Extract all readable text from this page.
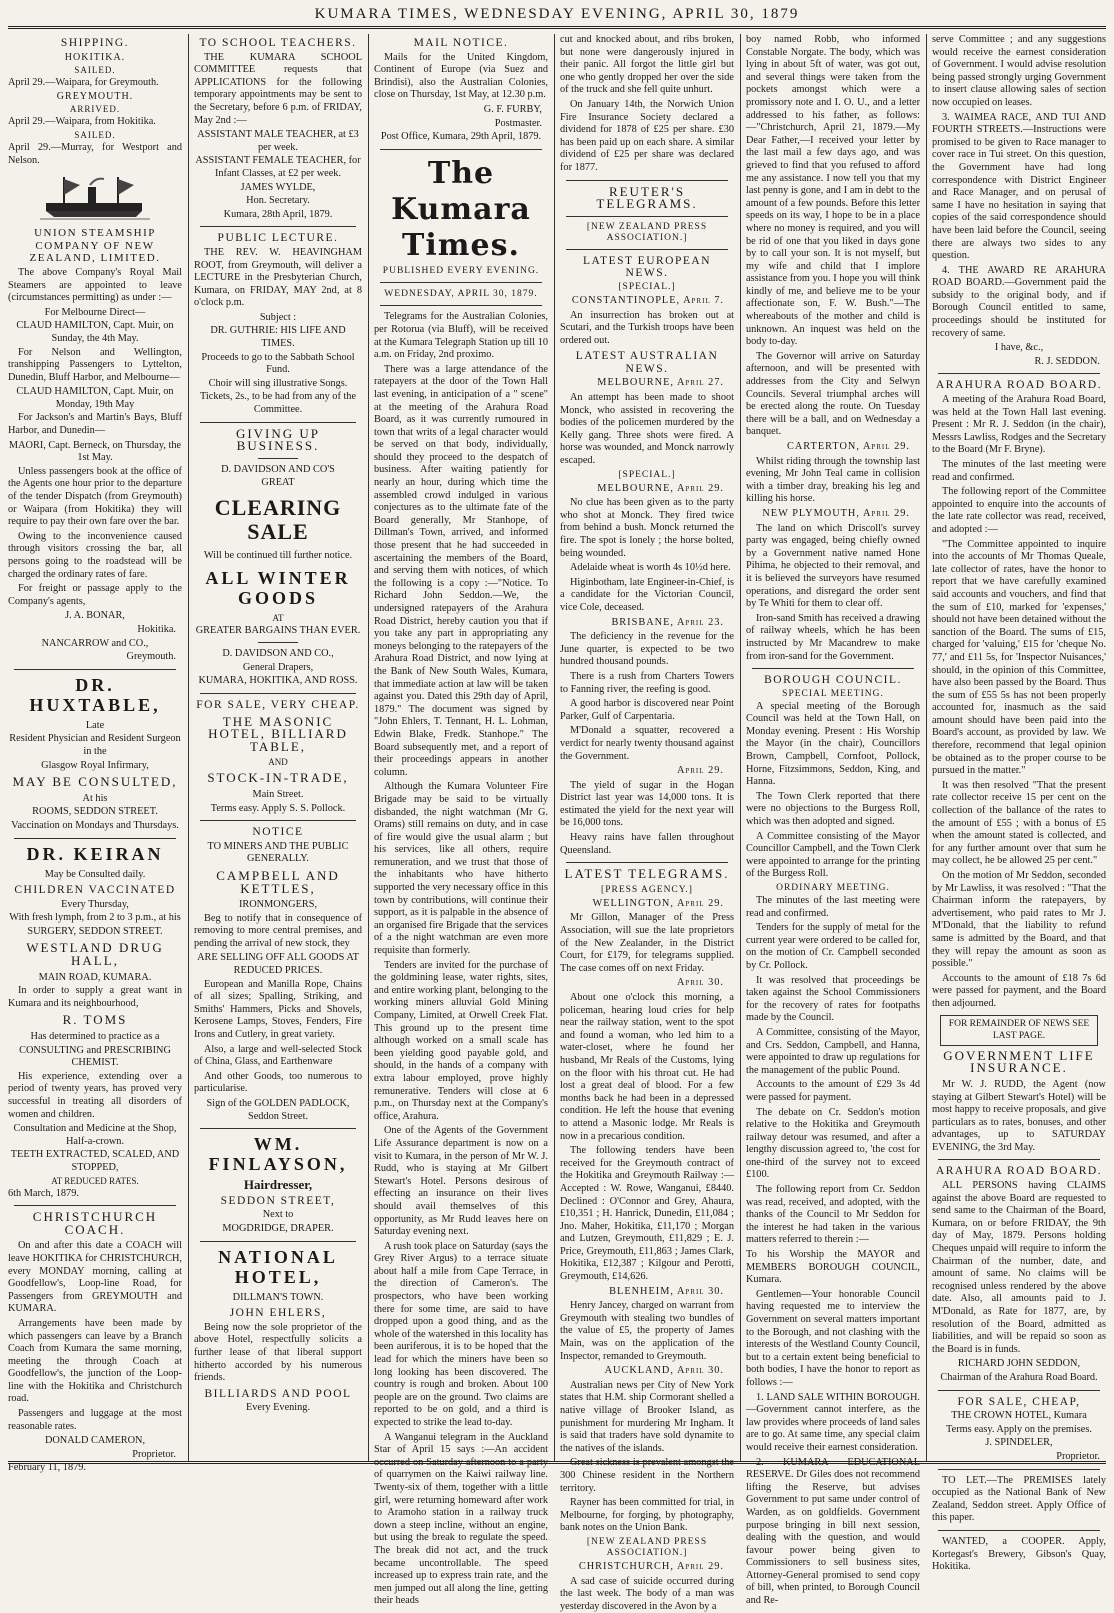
KUMARA TIMES, WEDNESDAY EVENING, APRIL 30, 1879
SHIPPING.
HOKITIKA.
SAILED.
April 29.—Waipara, for Greymouth.
GREYMOUTH.
ARRIVED.
April 29.—Waipara, from Hokitika.
SAILED.
April 29.—Murray, for Westport and Nelson.
UNION STEAMSHIP COMPANY OF NEW ZEALAND, LIMITED.

The above Company's Royal Mail Steamers are appointed to leave (circumstances permitting) as under :—

For Melbourne Direct—
CLAUD HAMILTON, Capt. Muir, on Sunday, the 4th May.

For Nelson and Wellington, transhipping Passengers to Lyttelton, Dunedin, Bluff Harbor, and Melbourne—

CLAUD HAMILTON, Capt. Muir, on Monday, 19th May

For Jackson's and Martin's Bays, Bluff Harbor, and Dunedin—

MAORI, Capt. Berneck, on Thursday, the 1st May.

Unless passengers book at the office of the Agents one hour prior to the departure of the tender Dispatch (from Greymouth) or Waipara (from Hokitika) they will require to pay their own fare over the bar.

Owing to the inconvenience caused through visitors crossing the bar, all persons going to the roadstead will be charged the ordinary rates of fare.

For freight or passage apply to the Company's agents,

J. A. BONAR,
Hokitika.
NANCARROW and CO.,
Greymouth.
DR. HUXTABLE,
Late
Resident Physician and Resident Surgeon in the
Glasgow Royal Infirmary,
MAY BE CONSULTED,
At his
ROOMS, SEDDON STREET.
Vaccination on Mondays and Thursdays.
DR. KEIRAN
May be Consulted daily.
CHILDREN VACCINATED
Every Thursday,
With fresh lymph, from 2 to 3 p.m., at his
SURGERY, SEDDON STREET.
WESTLAND DRUG HALL,
MAIN ROAD, KUMARA.

In order to supply a great want in Kumara and its neighbourhood,

R. TOMS
Has determined to practice as a
CONSULTING and PRESCRIBING CHEMIST.

His experience, extending over a period of twenty years, has proved very successful in treating all disorders of women and children.

Consultation and Medicine at the Shop, Half-a-crown.
TEETH EXTRACTED, SCALED, AND STOPPED,
AT REDUCED RATES.
6th March, 1879.
CHRISTCHURCH COACH.

On and after this date a COACH will leave HOKITIKA for CHRISTCHURCH, every MONDAY morning, calling at Goodfellow's, Loop-line Road, for Passengers from GREYMOUTH and KUMARA.

Arrangements have been made by which passengers can leave by a Branch Coach from Kumara the same morning, meeting the through Coach at Goodfellow's, the junction of the Loop-line with the Hokitika and Christchurch road.

Passengers and luggage at the most reasonable rates.

DONALD CAMERON,
Proprietor.
February 11, 1879.
TO SCHOOL TEACHERS.

THE KUMARA SCHOOL COMMITTEE requests that APPLICATIONS for the following temporary appointments may be sent to the Secretary, before 6 p.m. of FRIDAY, May 2nd :—

ASSISTANT MALE TEACHER, at £3 per week.
ASSISTANT FEMALE TEACHER, for Infant Classes, at £2 per week.
JAMES WYLDE,
Hon. Secretary.
Kumara, 28th April, 1879.
PUBLIC LECTURE.

THE REV. W. HEAVINGHAM ROOT, from Greymouth, will deliver a LECTURE in the Presbyterian Church, Kumara, on FRIDAY, MAY 2nd, at 8 o'clock p.m.

Subject :
DR. GUTHRIE: HIS LIFE AND TIMES.
Proceeds to go to the Sabbath School Fund.
Choir will sing illustrative Songs.
Tickets, 2s., to be had from any of the Committee.
GIVING UP BUSINESS.
D. DAVIDSON AND CO'S
GREAT
CLEARING SALE
Will be continued till further notice.
ALL WINTER GOODS
AT
GREATER BARGAINS THAN EVER.
D. DAVIDSON AND CO.,
General Drapers,
KUMARA, HOKITIKA, AND ROSS.
FOR SALE, VERY CHEAP.
THE MASONIC HOTEL, BILLIARD TABLE,
AND
STOCK-IN-TRADE,
Main Street.
Terms easy. Apply S. S. Pollock.
NOTICE
TO MINERS AND THE PUBLIC GENERALLY.
CAMPBELL AND KETTLES,
IRONMONGERS,

Beg to notify that in consequence of removing to more central premises, and pending the arrival of new stock, they

ARE SELLING OFF ALL GOODS AT REDUCED PRICES.

European and Manilla Rope, Chains of all sizes; Spalling, Striking, and Smiths' Hammers, Picks and Shovels, Kerosene Lamps, Stoves, Fenders, Fire Irons and Cutlery, in great variety.

Also, a large and well-selected Stock of China, Glass, and Earthenware

And other Goods, too numerous to particularise.

Sign of the GOLDEN PADLOCK, Seddon Street.
WM. FINLAYSON,
Hairdresser,
SEDDON STREET,
Next to
MOGDRIDGE, DRAPER.
NATIONAL HOTEL,
DILLMAN'S TOWN.
JOHN EHLERS,

Being now the sole proprietor of the above Hotel, respectfully solicits a further lease of that liberal support hitherto accorded by his numerous friends.

BILLIARDS AND POOL
Every Evening.
MAIL NOTICE.

Mails for the United Kingdom, Continent of Europe (via Suez and Brindisi), also the Australian Colonies, close on Thursday, 1st May, at 12.30 p.m.

G. F. FURBY,
Postmaster.
Post Office, Kumara, 29th April, 1879.
The Kumara Times.
PUBLISHED EVERY EVENING.
WEDNESDAY, APRIL 30, 1879.

Telegrams for the Australian Colonies, per Rotorua (via Bluff), will be received at the Kumara Telegraph Station up till 10 a.m. on Friday, 2nd proximo.

There was a large attendance of the ratepayers at the door of the Town Hall last evening, in anticipation of a " scene" at the meeting of the Arahura Road Board, as it was currently rumoured in town that writs of a legal character would be served on that body, individually, should they proceed to the despatch of business. After waiting patiently for nearly an hour, during which time the assembled crowd indulged in various conjectures as to the ultimate fate of the Board generally, Mr Stanhope, of Dillman's Town, arrived, and informed those present that he had succeeded in ascertaining the members of the Board, and serving them with notices, of which the following is a copy :—"Notice. To Richard John Seddon.—We, the undersigned ratepayers of the Arahura Road District, hereby caution you that if you take any part in appropriating any moneys belonging to the ratepayers of the Arahura Road District, and now lying at the Bank of New South Wales, Kumara, that immediate action at law will be taken against you. Dated this 29th day of April, 1879." The document was signed by "John Ehlers, T. Tennant, H. L. Lohman, Edwin Blake, Fredk. Stanhope." The Board subsequently met, and a report of their proceedings appears in another column.

Although the Kumara Volunteer Fire Brigade may be said to be virtually disbanded, the night watchman (Mr G. Orams) still remains on duty, and in case of fire would give the usual alarm ; but his services, like all others, require remuneration, and we trust that those of the inhabitants who have hitherto supported the very necessary office in this town by contributions, will continue their support, as it is palpable in the absence of an organised fire Brigade that the services of a the night watchman are even more requisite than formerly.

Tenders are invited for the purchase of the goldmining lease, water rights, sites, and entire working plant, belonging to the working miners alluvial Gold Mining Company, Limited, at Orwell Creek Flat. This ground up to the present time although worked on a small scale has been yielding good payable gold, and should, in the hands of a company with extra labour employed, prove highly remunerative. Tenders will close at 6 p.m., on Thursday next at the Company's office, Arahura.

One of the Agents of the Government Life Assurance department is now on a visit to Kumara, in the person of Mr W. J. Rudd, who is staying at Mr Gilbert Stewart's Hotel. Persons desirous of effecting an insurance on their lives should avail themselves of this opportunity, as Mr Rudd leaves here on Saturday evening next.

A rush took place on Saturday (says the Grey River Argus) to a terrace situate about half a mile from Cape Terrace, in the direction of Cameron's. The prospectors, who have been working there for some time, are said to have dropped upon a good thing, and as the whole of the watershed in this locality has been auriferous, it is to be hoped that the lead for which the miners have been so long looking has been discovered. The country is rough and broken. About 100 people are on the ground. Two claims are reported to be on gold, and a third is expected to strike the lead to-day.

A Wanganui telegram in the Auckland Star of April 15 says :—An accident occurred on Saturday afternoon to a party of quarrymen on the Kaiwi railway line. Twenty-six of them, together with a little girl, were returning homeward after work to Aramoho station in a railway truck down a steep incline, without an engine, but using the break to regulate the speed. The break did not act, and the truck became uncontrollable. The speed increased up to express train rate, and the men jumped out all along the line, getting their heads

cut and knocked about, and ribs broken, but none were dangerously injured in their panic. All forgot the little girl but one who gently dropped her over the side of the truck and she fell quite unhurt.

On January 14th, the Norwich Union Fire Insurance Society declared a dividend for 1878 of £25 per share. £30 has been paid up on each share. A similar dividend of £25 per share was declared for 1877.

REUTER'S TELEGRAMS.
[NEW ZEALAND PRESS ASSOCIATION.]
LATEST EUROPEAN NEWS.
[SPECIAL.]
CONSTANTINOPLE, April 7.

An insurrection has broken out at Scutari, and the Turkish troops have been ordered out.

LATEST AUSTRALIAN NEWS.
MELBOURNE, April 27.

An attempt has been made to shoot Monck, who assisted in recovering the bodies of the policemen murdered by the Kelly gang. Three shots were fired. A horse was wounded, and Monck narrowly escaped.

[SPECIAL.]
MELBOURNE, April 29.

No clue has been given as to the party who shot at Monck. They fired twice from behind a bush. Monck returned the fire. The spot is lonely ; the horse bolted, being wounded.

Adelaide wheat is worth 4s 10½d here.

Higinbotham, late Engineer-in-Chief, is a candidate for the Victorian Council, vice Cole, deceased.

BRISBANE, April 23.

The deficiency in the revenue for the June quarter, is expected to be two hundred thousand pounds.

There is a rush from Charters Towers to Fanning river, the reefing is good.

A good harbor is discovered near Point Parker, Gulf of Carpentaria.

M'Donald a squatter, recovered a verdict for nearly twenty thousand against the Government.

April 29.

The yield of sugar in the Hogan District last year was 14,000 tons. It is estimated the yield for the next year will be 16,000 tons.

Heavy rains have fallen throughout Queensland.

LATEST TELEGRAMS.
[PRESS AGENCY.]
WELLINGTON, April 29.

Mr Gillon, Manager of the Press Association, will sue the late proprietors of the New Zealander, in the District Court, for £179, for telegrams supplied. The case comes off on next Friday.

April 30.

About one o'clock this morning, a policeman, hearing loud cries for help near the railway station, went to the spot and found a woman, who led him to a water-closet, where he found her husband, Mr Reals of the Customs, lying on the floor with his throat cut. He had lost a great deal of blood. For a few months back he had been in a depressed condition. He left the house that evening to attend a Masonic lodge. Mr Reals is now in a precarious condition.

The following tenders have been received for the Greymouth contract of the Hokitika and Greymouth Railway :—Accepted : W. Rowe, Wanganui, £8440. Declined : O'Connor and Grey, Ahaura, £10,351 ; H. Hanrick, Dunedin, £11,084 ; Jno. Maher, Hokitika, £11,170 ; Morgan and Lutzen, Greymouth, £11,829 ; E. J. Price, Greymouth, £11,863 ; James Clark, Hokitika, £12,387 ; Kilgour and Perotti, Greymouth, £14,626.

BLENHEIM, April 30.

Henry Jancey, charged on warrant from Greymouth with stealing two bundles of the value of £5, the property of James Main, was on the application of the Inspector, remanded to Greymouth.

AUCKLAND, April 30.

Australian news per City of New York states that H.M. ship Cormorant shelled a native village of Brooker Island, as punishment for murdering Mr Ingham. It is said that traders have sold dynamite to the natives of the islands.

Great sickness is prevalent amongst the 300 Chinese resident in the Northern territory.

Rayner has been committed for trial, in Melbourne, for forging, by photography, bank notes on the Union Bank.

[NEW ZEALAND PRESS ASSOCIATION.]
CHRISTCHURCH, April 29.

A sad case of suicide occurred during the last week. The body of a man was yesterday discovered in the Avon by a

boy named Robb, who informed Constable Norgate. The body, which was lying in about 5ft of water, was got out, and several things were taken from the pockets amongst which were a promissory note and I. O. U., and a letter addressed to his father, as follows:—"Christchurch, April 21, 1879.—My Dear Father,—I received your letter by the last mail a few days ago, and was grieved to find that you refused to afford me any assistance. I now tell you that my last penny is gone, and I am in debt to the amount of a few pounds. Before this letter speeds on its way, I hope to be in a place where no money is required, and you will be rid of one that you liked in days gone by to call your son. It is not myself, but my wife and child that I implore assistance from you. I hope you will think kindly of me, and believe me to be your affectionate son, F. W. Bush."—The whereabouts of the mother and child is unknown. An inquest was held on the body to-day.

The Governor will arrive on Saturday afternoon, and will be presented with addresses from the City and Selwyn Councils. Several triumphal arches will be erected along the route. On Tuesday there will be a ball, and on Wednesday a banquet.

CARTERTON, April 29.

Whilst riding through the township last evening, Mr John Teal came in collision with a timber dray, breaking his leg and killing his horse.

NEW PLYMOUTH, April 29.

The land on which Driscoll's survey party was engaged, being chiefly owned by a Government native named Hone Pihima, he objected to their removal, and it is believed the surveyors have resumed operations, and disregard the order sent by Te Whiti for them to clear off.

Iron-sand Smith has received a drawing of railway wheels, which he has been instructed by Mr Macandrew to make from iron-sand for the Government.

BOROUGH COUNCIL.
SPECIAL MEETING.

A special meeting of the Borough Council was held at the Town Hall, on Monday evening. Present : His Worship the Mayor (in the chair), Councillors Brown, Campbell, Cornfoot, Pollock, Horne, Fitzsimmons, Seddon, King, and Hanna.

The Town Clerk reported that there were no objections to the Burgess Roll, which was then adopted and signed.

A Committee consisting of the Mayor Councillor Campbell, and the Town Clerk were appointed to arrange for the printing of the Burgess Roll.

ORDINARY MEETING.

The minutes of the last meeting were read and confirmed.

Tenders for the supply of metal for the current year were ordered to be called for, on the motion of Cr. Campbell seconded by Cr. Pollock.

It was resolved that proceedings be taken against the School Commissioners for the recovery of rates for footpaths made by the Council.

A Committee, consisting of the Mayor, and Crs. Seddon, Campbell, and Hanna, were appointed to draw up regulations for the management of the public Pound.

Accounts to the amount of £29 3s 4d were passed for payment.

The debate on Cr. Seddon's motion relative to the Hokitika and Greymouth railway detour was resumed, and after a lengthy discussion agreed to, 'the cost for one-third of the survey not to exceed £100.

The following report from Cr. Seddon was read, received, and adopted, with the thanks of the Council to Mr Seddon for the interest he had taken in the various matters referred to therein :—

To his Worship the MAYOR and MEMBERS BOROUGH COUNCIL, Kumara.

Gentlemen—Your honorable Council having requested me to interview the Government on several matters important to the Borough, and not clashing with the interests of the Westland County Council, but to a certain extent being beneficial to both bodies, I have the honor to report as follows :—

1. LAND SALE WITHIN BOROUGH.—Government cannot interfere, as the law provides where proceeds of land sales are to go. At same time, any special claim would receive their earnest consideration.

2. KUMARA EDUCATIONAL RESERVE. Dr Giles does not recommend lifting the Reserve, but advises Government to put same under control of Warden, as on goldfields. Government purpose bringing in bill next session, dealing with the question, and would favour power being given to Commissioners to sell business sites, Attorney-General promised to send copy of bill, when printed, to Borough Council and Re-

serve Committee ; and any suggestions would receive the earnest consideration of Government. I would advise resolution being passed strongly urging Government to insert clause allowing sales of section now occupied on leases.

3. WAIMEA RACE, AND TUI AND FOURTH STREETS.—Instructions were promised to be given to Race manager to cover race in Tui street. On this question, the Government have had long correspondence with District Engineer and Race Manager, and on perusal of same I have no hesitation in saying that copies of the said correspondence should have been laid before the Council, seeing there are always two sides to any question.

4. THE AWARD RE ARAHURA ROAD BOARD.—Government paid the subsidy to the original body, and if Borough Council entitled to same, proceedings should be instituted for recovery of same.

I have, &c.,
R. J. SEDDON.
ARAHURA ROAD BOARD.

A meeting of the Arahura Road Board, was held at the Town Hall last evening. Present : Mr R. J. Seddon (in the chair), Messrs Lawliss, Rodges and the Secretary to the Board (Mr F. Bryne).

The minutes of the last meeting were read and confirmed.

The following report of the Committee appointed to enquire into the accounts of the late rate collector was read, received, and adopted :—

"The Committee appointed to inquire into the accounts of Mr Thomas Queale, late collector of rates, have the honor to report that we have carefully examined said accounts and vouchers, and find that the sum of £10, marked for 'expenses,' should not have been detained without the sanction of the Board. The sums of £15, charged for 'valuing,' £15 for 'cheque No. 77,' and £11 5s, for 'Inspector Nuisances,' should, in the opinion of this Committee, have also been passed by the Board. Thus the sum of £55 5s has not been properly accounted for, inasmuch as the said amount should have been paid into the Board's account, as provided by law. We therefore, recommend that legal opinion be obtained as to the proper course to be pursued in the matter."

It was then resolved "That the present rate collector receive 15 per cent on the collection of the ballance of the rates to the amount of £55 ; with a bonus of £5 when the amount stated is collected, and for any further amount over that sum he may collect, he be allowed 25 per cent."

On the motion of Mr Seddon, seconded by Mr Lawliss, it was resolved : "That the Chairman inform the ratepayers, by advertisement, who paid rates to Mr J. M'Donald, that the liability to refund same is admitted by the Board, and that they will repay the amount as soon as possible."

Accounts to the amount of £18 7s 6d were passed for payment, and the Board then adjourned.

FOR REMAINDER OF NEWS SEE LAST PAGE.
GOVERNMENT LIFE INSURANCE.

Mr W. J. RUDD, the Agent (now staying at Gilbert Stewart's Hotel) will be most happy to receive proposals, and give particulars as to rates, bonuses, and other advantages, up to SATURDAY EVENING, the 3rd May.

ARAHURA ROAD BOARD.

ALL PERSONS having CLAIMS against the above Board are requested to send same to the Chairman of the Board, Kumara, on or before FRIDAY, the 9th day of May, 1879. Persons holding Cheques unpaid will require to inform the Chairman of the number, date, and amount of same. No claims will be recognised unless rendered by the above date. Also, all amounts paid to J. M'Donald, as Rate for 1877, are, by resolution of the Board, admitted as liabilities, and will be repaid so soon as the Board is in funds.

RICHARD JOHN SEDDON,
Chairman of the Arahura Road Board.
FOR SALE, CHEAP,
THE CROWN HOTEL, Kumara
Terms easy. Apply on the premises.
J. SPINDELER,
Proprietor.

TO LET.—The PREMISES lately occupied as the National Bank of New Zealand, Seddon street. Apply Office of this paper.

WANTED, a COOPER. Apply, Kortegast's Brewery, Gibson's Quay, Hokitika.
